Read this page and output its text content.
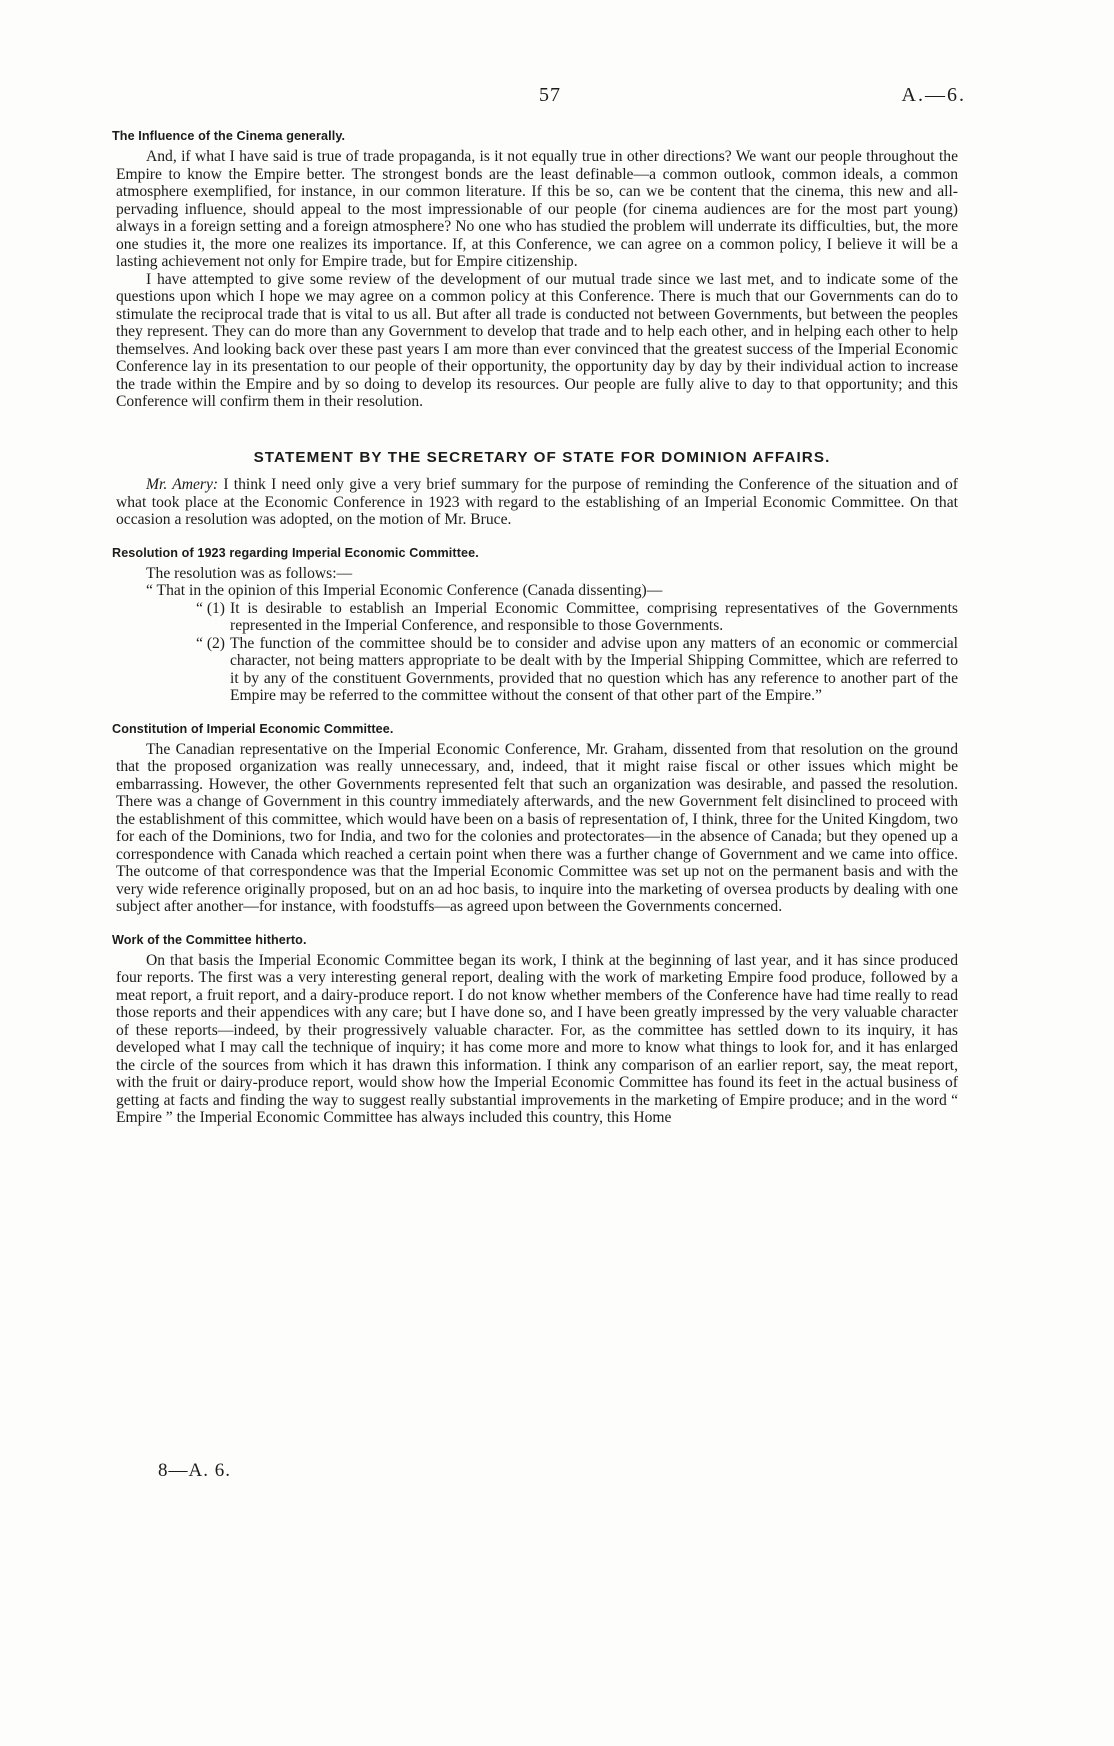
57	A.—6.
The Influence of the Cinema generally.

And, if what I have said is true of trade propaganda, is it not equally true in other directions? We want our people throughout the Empire to know the Empire better. The strongest bonds are the least definable—a common outlook, common ideals, a common atmosphere exemplified, for instance, in our common literature. If this be so, can we be content that the cinema, this new and all-pervading influence, should appeal to the most impressionable of our people (for cinema audiences are for the most part young) always in a foreign setting and a foreign atmosphere? No one who has studied the problem will underrate its difficulties, but, the more one studies it, the more one realizes its importance. If, at this Conference, we can agree on a common policy, I believe it will be a lasting achievement not only for Empire trade, but for Empire citizenship.

I have attempted to give some review of the development of our mutual trade since we last met, and to indicate some of the questions upon which I hope we may agree on a common policy at this Conference. There is much that our Governments can do to stimulate the reciprocal trade that is vital to us all. But after all trade is conducted not between Governments, but between the peoples they represent. They can do more than any Government to develop that trade and to help each other, and in helping each other to help themselves. And looking back over these past years I am more than ever convinced that the greatest success of the Imperial Economic Conference lay in its presentation to our people of their opportunity, the opportunity day by day by their individual action to increase the trade within the Empire and by so doing to develop its resources. Our people are fully alive to day to that opportunity; and this Conference will confirm them in their resolution.

STATEMENT BY THE SECRETARY OF STATE FOR DOMINION AFFAIRS.

Mr. Amery: I think I need only give a very brief summary for the purpose of reminding the Conference of the situation and of what took place at the Economic Conference in 1923 with regard to the establishing of an Imperial Economic Committee. On that occasion a resolution was adopted, on the motion of Mr. Bruce.

Resolution of 1923 regarding Imperial Economic Committee.

The resolution was as follows:—

“ That in the opinion of this Imperial Economic Conference (Canada dissenting)—

“ (1) It is desirable to establish an Imperial Economic Committee, comprising representatives of the Governments represented in the Imperial Conference, and responsible to those Governments.
“ (2) The function of the committee should be to consider and advise upon any matters of an economic or commercial character, not being matters appropriate to be dealt with by the Imperial Shipping Committee, which are referred to it by any of the constituent Governments, provided that no question which has any reference to another part of the Empire may be referred to the committee without the consent of that other part of the Empire.”
Constitution of Imperial Economic Committee.

The Canadian representative on the Imperial Economic Conference, Mr. Graham, dissented from that resolution on the ground that the proposed organization was really unnecessary, and, indeed, that it might raise fiscal or other issues which might be embarrassing. However, the other Governments represented felt that such an organization was desirable, and passed the resolution. There was a change of Government in this country immediately afterwards, and the new Government felt disinclined to proceed with the establishment of this committee, which would have been on a basis of representation of, I think, three for the United Kingdom, two for each of the Dominions, two for India, and two for the colonies and protectorates—in the absence of Canada; but they opened up a correspondence with Canada which reached a certain point when there was a further change of Government and we came into office. The outcome of that correspondence was that the Imperial Economic Committee was set up not on the permanent basis and with the very wide reference originally proposed, but on an ad hoc basis, to inquire into the marketing of oversea products by dealing with one subject after another—for instance, with foodstuffs—as agreed upon between the Governments concerned.

Work of the Committee hitherto.

On that basis the Imperial Economic Committee began its work, I think at the beginning of last year, and it has since produced four reports. The first was a very interesting general report, dealing with the work of marketing Empire food produce, followed by a meat report, a fruit report, and a dairy-produce report. I do not know whether members of the Conference have had time really to read those reports and their appendices with any care; but I have done so, and I have been greatly impressed by the very valuable character of these reports—indeed, by their progressively valuable character. For, as the committee has settled down to its inquiry, it has developed what I may call the technique of inquiry; it has come more and more to know what things to look for, and it has enlarged the circle of the sources from which it has drawn this information. I think any comparison of an earlier report, say, the meat report, with the fruit or dairy-produce report, would show how the Imperial Economic Committee has found its feet in the actual business of getting at facts and finding the way to suggest really substantial improvements in the marketing of Empire produce; and in the word “ Empire ” the Imperial Economic Committee has always included this country, this Home

8—A. 6.
